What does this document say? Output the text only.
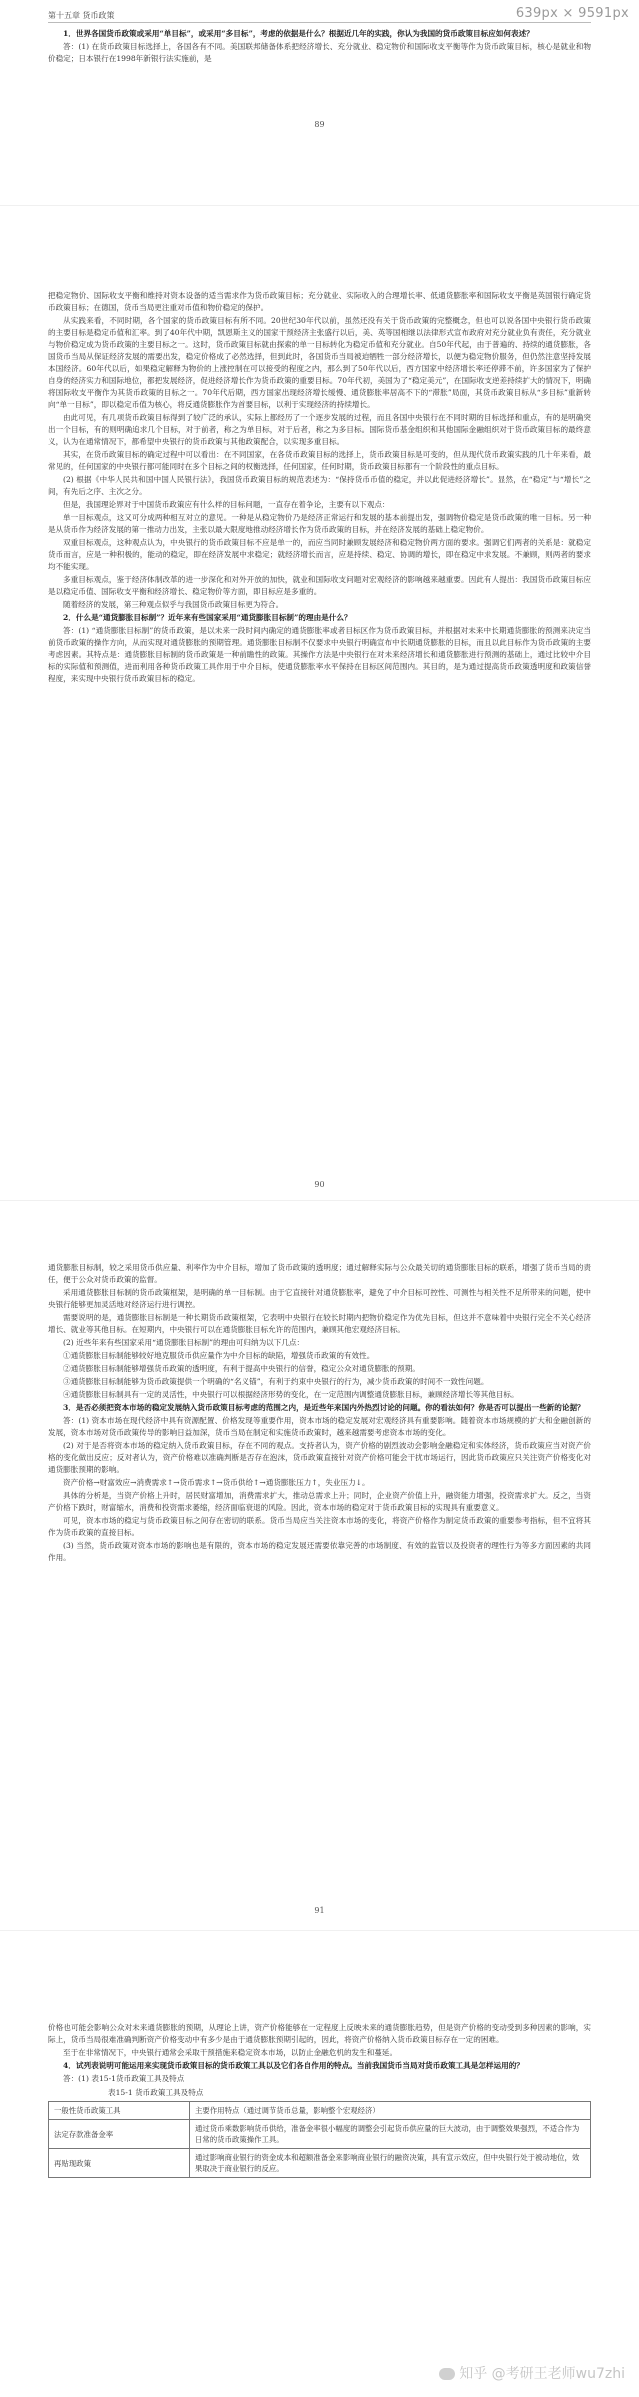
639px × 9591px
第十五章 货币政策

1．世界各国货币政策或采用“单目标”，或采用“多目标”，考虑的依据是什么？根据近几年的实践，你认为我国的货币政策目标应如何表述？

答：(1) 在货币政策目标选择上，各国各有不同。美国联邦储备体系把经济增长、充分就业、稳定物价和国际收支平衡等作为货币政策目标，核心是就业和物价稳定；日本银行在1998年新银行法实施前，是

89

把稳定物价、国际收支平衡和维持对资本设备的适当需求作为货币政策目标；充分就业、实际收入的合理增长率、低通货膨胀率和国际收支平衡是英国银行确定货币政策目标；在德国，货币当局更注重对币值和物价稳定的保护。

从实践来看，不同时期，各个国家的货币政策目标有所不同。20世纪30年代以前，虽然还没有关于货币政策的完整概念，但也可以说各国中央银行货币政策的主要目标是稳定币值和汇率。到了40年代中期，凯恩斯主义的国家干预经济主张盛行以后，美、英等国相继以法律形式宣布政府对充分就业负有责任，充分就业与物价稳定成为货币政策的主要目标之一。这时，货币政策目标就由探索的单一目标转化为稳定币值和充分就业。自50年代起，由于普遍的、持续的通货膨胀，各国货币当局从保证经济发展的需要出发，稳定价格成了必然选择，但到此时，各国货币当局被迫牺牲一部分经济增长，以便为稳定物价服务，但仍然注意坚持发展本国经济。60年代以后，如果稳定解释为物价的上涨控制在可以接受的程度之内，那么到了50年代以后，西方国家中经济增长率还停滞不前，许多国家为了保护自身的经济实力和国际地位，都把发展经济，促进经济增长作为货币政策的重要目标。70年代初，美国为了“稳定美元”，在国际收支逆差持续扩大的情况下，明确将国际收支平衡作为其货币政策的目标之一。70年代后期，西方国家出现经济增长缓慢、通货膨胀率居高不下的“滞胀”局面，其货币政策目标从“多目标”重新转向“单一目标”，即以稳定币值为核心，将反通货膨胀作为首要目标，以利于实现经济的持续增长。

由此可见，有几项货币政策目标得到了较广泛的承认，实际上都经历了一个逐步发展的过程，而且各国中央银行在不同时期的目标选择和重点，有的是明确突出一个目标，有的则明确追求几个目标，对于前者，称之为单目标，对于后者，称之为多目标。国际货币基金组织和其他国际金融组织对于货币政策目标的最终意义，认为在通常情况下，都希望中央银行的货币政策与其他政策配合，以实现多重目标。

其实，在货币政策目标的确定过程中可以看出：在不同国家，在各货币政策目标的选择上，货币政策目标是可变的，但从现代货币政策实践的几十年来看，最常见的，任何国家的中央银行都可能同时在多个目标之间的权衡选择，任何国家，任何时期，货币政策目标都有一个阶段性的重点目标。

(2) 根据《中华人民共和国中国人民银行法》，我国货币政策目标的规范表述为：“保持货币币值的稳定，并以此促进经济增长”。显然，在“稳定”与“增长”之间，有先后之序、主次之分。

但是，我国理论界对于中国货币政策应有什么样的目标问题，一直存在着争论，主要有以下观点：

单一目标观点，这又可分成两种相互对立的意见。一种是从稳定物价乃是经济正常运行和发展的基本前提出发，强调物价稳定是货币政策的唯一目标。另一种是从货币作为经济发展的第一推动力出发，主张以最大限度地推动经济增长作为货币政策的目标，并在经济发展的基础上稳定物价。

双重目标观点，这种观点认为，中央银行的货币政策目标不应是单一的，而应当同时兼顾发展经济和稳定物价两方面的要求。强调它们两者的关系是：就稳定货币而言，应是一种积极的，能动的稳定，即在经济发展中求稳定；就经济增长而言，应是持续、稳定、协调的增长，即在稳定中求发展。不兼顾，则两者的要求均不能实现。

多重目标观点，鉴于经济体制改革的进一步深化和对外开放的加快，就业和国际收支问题对宏观经济的影响越来越重要。因此有人提出：我国货币政策目标应是以稳定币值、国际收支平衡和经济增长、稳定物价等方面，即目标应是多重的。

随着经济的发展，第三种观点似乎与我国货币政策目标更为符合。

2．什么是“通货膨胀目标制”？近年来有些国家采用“通货膨胀目标制”的理由是什么？

答：(1) “通货膨胀目标制”的货币政策，是以未来一段时间内确定的通货膨胀率或者目标区作为货币政策目标，并根据对未来中长期通货膨胀的预测来决定当前货币政策的操作方向，从而实现对通货膨胀的预期管理。通货膨胀目标制不仅要求中央银行明确宣布中长期通货膨胀的目标，而且以此目标作为货币政策的主要考虑因素。其特点是：通货膨胀目标制的货币政策是一种前瞻性的政策。其操作方法是中央银行在对未来经济增长和通货膨胀进行预测的基础上，通过比较中介目标的实际值和预测值，进而利用各种货币政策工具作用于中介目标，使通货膨胀率水平保持在目标区间范围内。其目的，是为通过提高货币政策透明度和政策信誉程度，来实现中央银行货币政策目标的稳定。

90

通货膨胀目标制，较之采用货币供应量、利率作为中介目标，增加了货币政策的透明度；通过解释实际与公众最关切的通货膨胀目标的联系，增强了货币当局的责任，便于公众对货币政策的监督。

采用通货膨胀目标制的货币政策框架，是明确的单一目标制。由于它直接针对通货膨胀率，避免了中介目标可控性、可测性与相关性不足所带来的问题，使中央银行能够更加灵活地对经济运行进行调控。

需要说明的是，通货膨胀目标制是一种长期货币政策框架，它表明中央银行在较长时期内把物价稳定作为优先目标，但这并不意味着中央银行完全不关心经济增长、就业等其他目标。在短期内，中央银行可以在通货膨胀目标允许的范围内，兼顾其他宏观经济目标。

(2) 近些年来有些国家采用“通货膨胀目标制”的理由可归纳为以下几点：

①通货膨胀目标制能够较好地克服货币供应量作为中介目标的缺陷，增强货币政策的有效性。

②通货膨胀目标制能够增强货币政策的透明度，有利于提高中央银行的信誉，稳定公众对通货膨胀的预期。

③通货膨胀目标制能够为货币政策提供一个明确的“名义锚”，有利于约束中央银行的行为，减少货币政策的时间不一致性问题。

④通货膨胀目标制具有一定的灵活性，中央银行可以根据经济形势的变化，在一定范围内调整通货膨胀目标，兼顾经济增长等其他目标。

3．是否必须把资本市场的稳定发展纳入货币政策目标考虑的范围之内，是近些年来国内外热烈讨论的问题。你的看法如何？你是否可以提出一些新的论据？

答：(1) 资本市场在现代经济中具有资源配置、价格发现等重要作用，资本市场的稳定发展对宏观经济具有重要影响。随着资本市场规模的扩大和金融创新的发展，资本市场对货币政策传导的影响日益加深，货币当局在制定和实施货币政策时，越来越需要考虑资本市场的变化。

(2) 对于是否将资本市场的稳定纳入货币政策目标，存在不同的观点。支持者认为，资产价格的剧烈波动会影响金融稳定和实体经济，货币政策应当对资产价格的变化做出反应；反对者认为，资产价格难以准确判断是否存在泡沫，货币政策直接针对资产价格可能会干扰市场运行，因此货币政策应只关注资产价格变化对通货膨胀预期的影响。

资产价格→财富效应→消费需求↑→货币需求↑→货币供给↑→通货膨胀压力↑，失业压力↓。

具体的分析是，当资产价格上升时，居民财富增加，消费需求扩大，推动总需求上升；同时，企业资产价值上升，融资能力增强，投资需求扩大。反之，当资产价格下跌时，财富缩水，消费和投资需求萎缩，经济面临衰退的风险。因此，资本市场的稳定对于货币政策目标的实现具有重要意义。

可见，资本市场的稳定与货币政策目标之间存在密切的联系。货币当局应当关注资本市场的变化，将资产价格作为制定货币政策的重要参考指标，但不宜将其作为货币政策的直接目标。

(3) 当然，货币政策对资本市场的影响也是有限的，资本市场的稳定发展还需要依靠完善的市场制度、有效的监管以及投资者的理性行为等多方面因素的共同作用。

91

价格也可能会影响公众对未来通货膨胀的预期，从理论上讲，资产价格能够在一定程度上反映未来的通货膨胀趋势，但是资产价格的变动受到多种因素的影响，实际上，货币当局很难准确判断资产价格变动中有多少是由于通货膨胀预期引起的，因此，将资产价格纳入货币政策目标存在一定的困难。

至于在非常情况下，中央银行通常会采取干预措施来稳定资本市场，以防止金融危机的发生和蔓延。

4．试列表说明可能运用来实现货币政策目标的货币政策工具以及它们各自作用的特点。当前我国货币当局对货币政策工具是怎样运用的？

答：(1) 表15-1货币政策工具及特点

表15-1 货币政策工具及特点
一般性货币政策工具	主要作用特点（通过调节货币总量，影响整个宏观经济）
法定存款准备金率	通过货币乘数影响货币供给，准备金率很小幅度的调整会引起货币供应量的巨大波动，由于调整效果强烈，不适合作为日常的货币政策操作工具。
再贴现政策	通过影响商业银行的资金成本和超额准备金来影响商业银行的融资决策，具有宣示效应，但中央银行处于被动地位，效果取决于商业银行的反应。
知乎 @考研王老师wu7zhi
